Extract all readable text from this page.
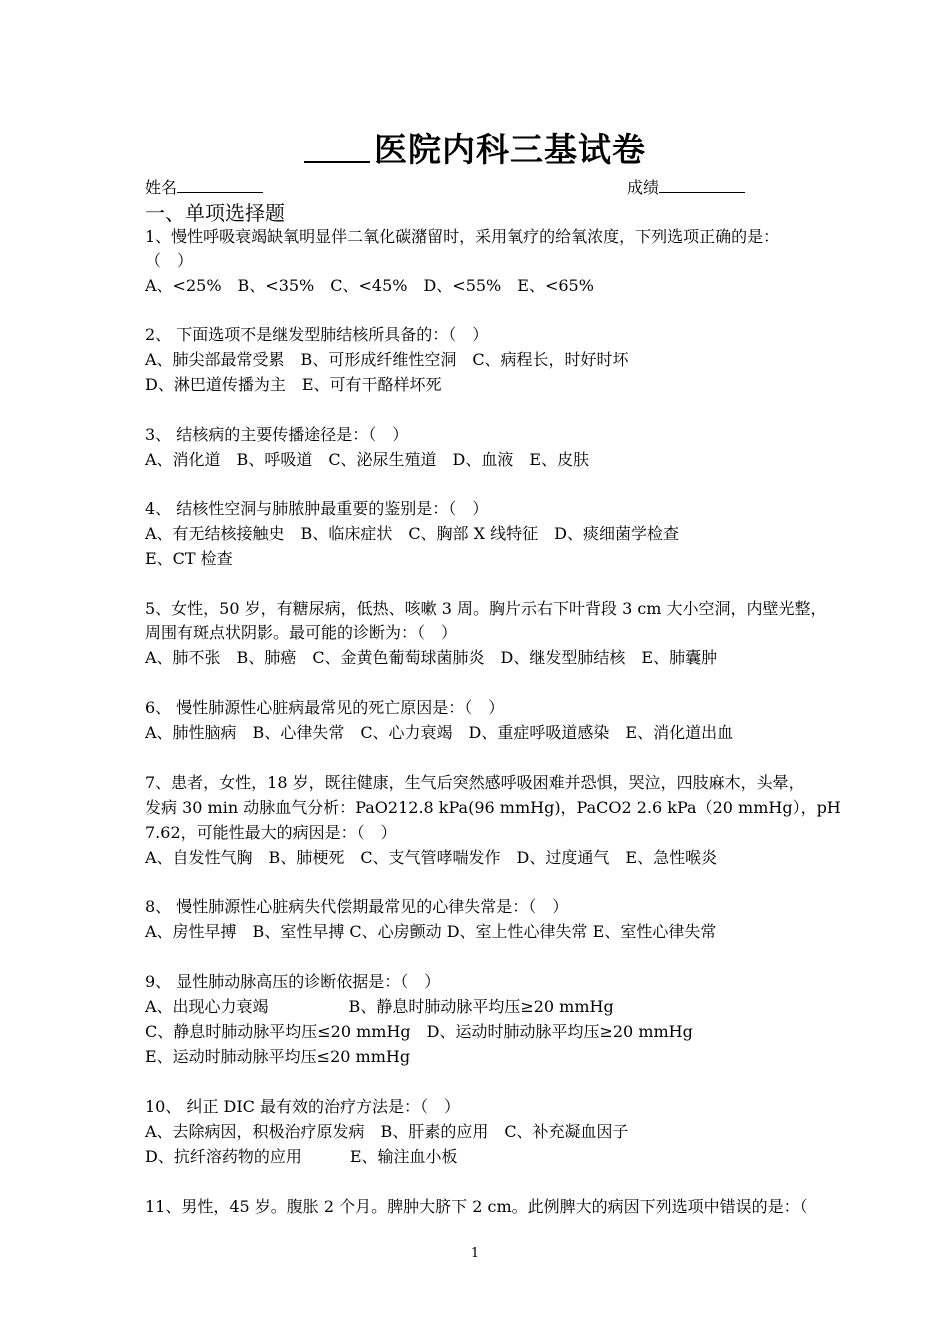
医院内科三基试卷
姓名	成绩
一、单项选择题
1、慢性呼吸衰竭缺氧明显伴二氧化碳潴留时，采用氧疗的给氧浓度，下列选项正确的是：
（　）
A、<25%　B、<35%　C、<45%　D、<55%　E、<65%
2、 下面选项不是继发型肺结核所具备的：（　）
A、肺尖部最常受累　B、可形成纤维性空洞　C、病程长，时好时坏
D、淋巴道传播为主　E、可有干酪样坏死
3、 结核病的主要传播途径是：（　）
A、消化道　B、呼吸道　C、泌尿生殖道　D、血液　E、皮肤
4、 结核性空洞与肺脓肿最重要的鉴别是：（　）
A、有无结核接触史　B、临床症状　C、胸部 X 线特征　D、痰细菌学检查
E、CT 检查
5、女性，50 岁，有糖尿病，低热、咳嗽 3 周。胸片示右下叶背段 3 cm 大小空洞，内壁光整，
周围有斑点状阴影。最可能的诊断为：（　）
A、肺不张　B、肺癌　C、金黄色葡萄球菌肺炎　D、继发型肺结核　E、肺囊肿
6、 慢性肺源性心脏病最常见的死亡原因是：（　）
A、肺性脑病　B、心律失常　C、心力衰竭　D、重症呼吸道感染　E、消化道出血
7、患者，女性，18 岁，既往健康，生气后突然感呼吸困难并恐惧，哭泣，四肢麻木，头晕，
发病 30 min 动脉血气分析：PaO212.8 kPa(96 mmHg)，PaCO2 2.6 kPa（20 mmHg），pH
7.62，可能性最大的病因是：（　）
A、自发性气胸　B、肺梗死　C、支气管哮喘发作　D、过度通气　E、急性喉炎
8、 慢性肺源性心脏病失代偿期最常见的心律失常是：（　）
A、房性早搏　B、室性早搏 C、心房颤动 D、室上性心律失常 E、室性心律失常
9、 显性肺动脉高压的诊断依据是：（　）
A、出现心力衰竭　　　　　B、静息时肺动脉平均压≥20 mmHg
C、静息时肺动脉平均压≤20 mmHg　D、运动时肺动脉平均压≥20 mmHg
E、运动时肺动脉平均压≤20 mmHg
10、 纠正 DIC 最有效的治疗方法是：（　）
A、去除病因，积极治疗原发病　B、肝素的应用　C、补充凝血因子
D、抗纤溶药物的应用　　　E、输注血小板
11、男性，45 岁。腹胀 2 个月。脾肿大脐下 2 cm。此例脾大的病因下列选项中错误的是：（
1
